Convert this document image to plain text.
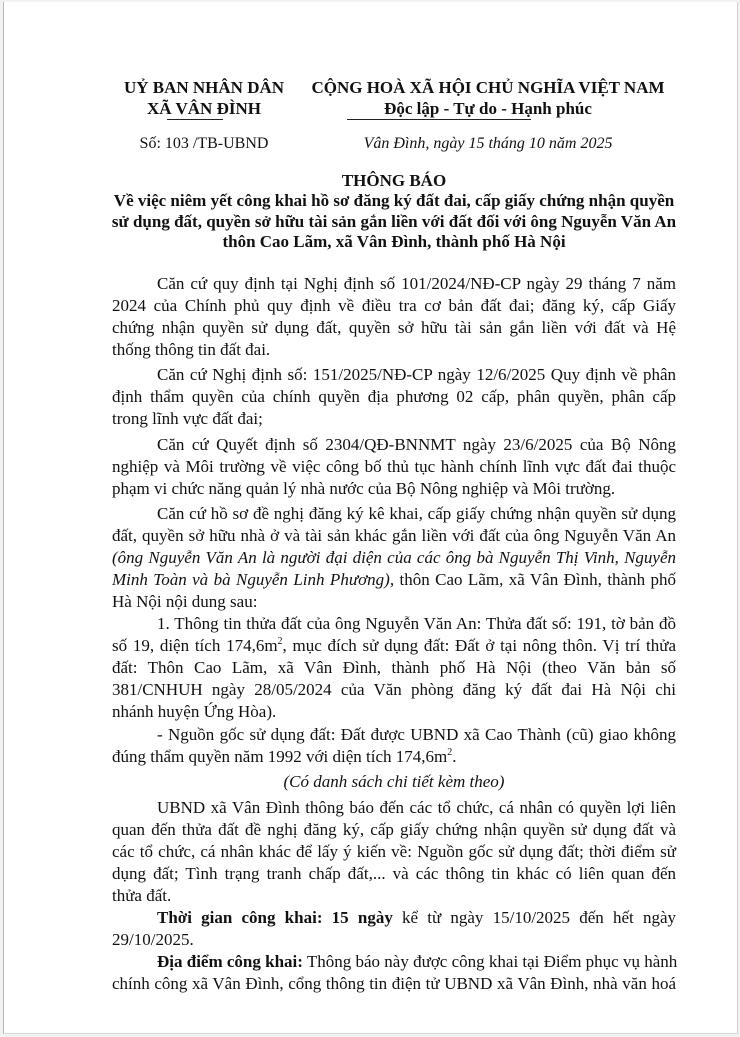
UỶ BAN NHÂN DÂN
XÃ VÂN ĐÌNH
CỘNG HOÀ XÃ HỘI CHỦ NGHĨA VIỆT NAM
Độc lập - Tự do - Hạnh phúc
Số: 103 /TB-UBND	Vân Đình, ngày 15 tháng 10 năm 2025
THÔNG BÁO
Về việc niêm yết công khai hồ sơ đăng ký đất đai, cấp giấy chứng nhận quyền
sử dụng đất, quyền sở hữu tài sản gắn liền với đất đối với ông Nguyễn Văn An
thôn Cao Lãm, xã Vân Đình, thành phố Hà Nội
Căn cứ quy định tại Nghị định số 101/2024/NĐ-CP ngày 29 tháng 7 năm
2024 của Chính phủ quy định về điều tra cơ bản đất đai; đăng ký, cấp Giấy
chứng nhận quyền sử dụng đất, quyền sở hữu tài sản gắn liền với đất và Hệ
thống thông tin đất đai.
Căn cứ Nghị định số: 151/2025/NĐ-CP ngày 12/6/2025 Quy định về phân
định thẩm quyền của chính quyền địa phương 02 cấp, phân quyền, phân cấp
trong lĩnh vực đất đai;
Căn cứ Quyết định số 2304/QĐ-BNNMT ngày 23/6/2025 của Bộ Nông
nghiệp và Môi trường về việc công bố thủ tục hành chính lĩnh vực đất đai thuộc
phạm vi chức năng quản lý nhà nước của Bộ Nông nghiệp và Môi trường.
Căn cứ hồ sơ đề nghị đăng ký kê khai, cấp giấy chứng nhận quyền sử dụng
đất, quyền sở hữu nhà ở và tài sản khác gắn liền với đất của ông Nguyễn Văn An
(ông Nguyễn Văn An là người đại diện của các ông bà Nguyễn Thị Vinh, Nguyễn
Minh Toàn và bà Nguyễn Linh Phương), thôn Cao Lãm, xã Vân Đình, thành phố
Hà Nội nội dung sau:
1. Thông tin thửa đất của ông Nguyễn Văn An: Thửa đất số: 191, tờ bản đồ
số 19, diện tích $174,6m^2$, mục đích sử dụng đất: Đất ở tại nông thôn. Vị trí thửa
đất: Thôn Cao Lãm, xã Vân Đình, thành phố Hà Nội (theo Văn bản số
381/CNHUH ngày 28/05/2024 của Văn phòng đăng ký đất đai Hà Nội chi
nhánh huyện Ứng Hòa).
- Nguồn gốc sử dụng đất: Đất được UBND xã Cao Thành (cũ) giao không
đúng thẩm quyền năm 1992 với diện tích $174,6m^2$.
(Có danh sách chi tiết kèm theo)
UBND xã Vân Đình thông báo đến các tổ chức, cá nhân có quyền lợi liên
quan đến thửa đất đề nghị đăng ký, cấp giấy chứng nhận quyền sử dụng đất và
các tổ chức, cá nhân khác để lấy ý kiến về: Nguồn gốc sử dụng đất; thời điểm sử
dụng đất; Tình trạng tranh chấp đất,... và các thông tin khác có liên quan đến
thửa đất.
Thời gian công khai: 15 ngày kể từ ngày 15/10/2025 đến hết ngày
29/10/2025.
Địa điểm công khai: Thông báo này được công khai tại Điểm phục vụ hành
chính công xã Vân Đình, cổng thông tin điện tử UBND xã Vân Đình, nhà văn hoá
